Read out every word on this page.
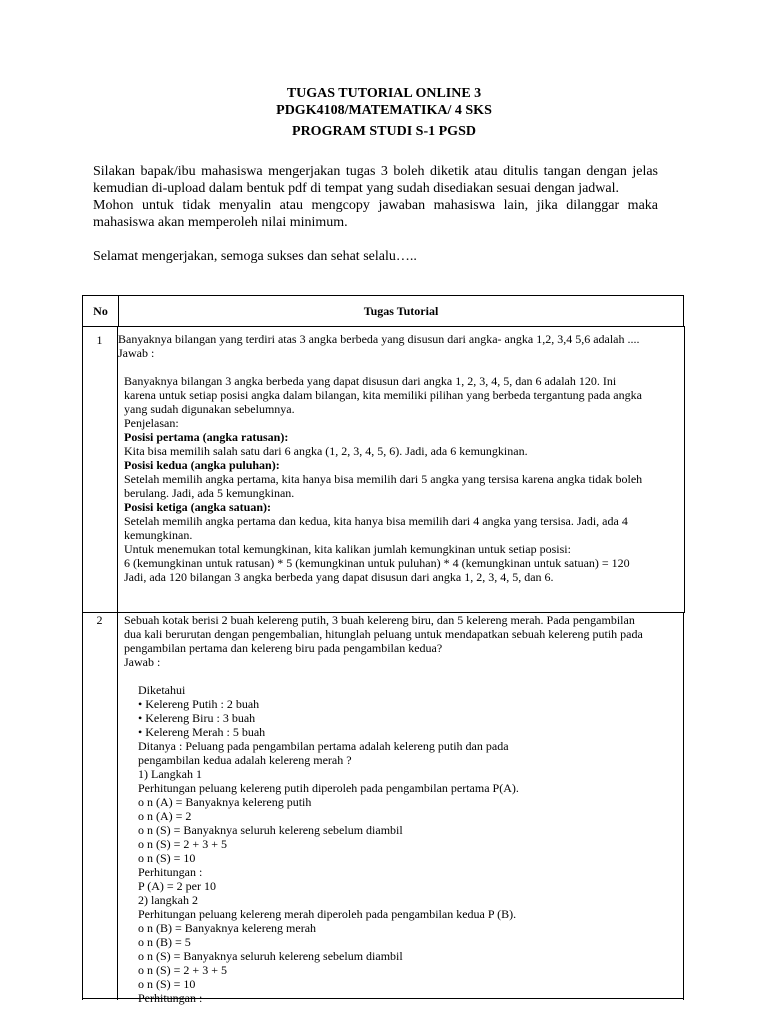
TUGAS TUTORIAL ONLINE 3
PDGK4108/MATEMATIKA/ 4 SKS
PROGRAM STUDI S-1 PGSD

Silakan bapak/ibu mahasiswa mengerjakan tugas 3 boleh diketik atau ditulis tangan dengan jelas kemudian di-upload dalam bentuk pdf di tempat yang sudah disediakan sesuai dengan jadwal.

Mohon untuk tidak menyalin atau mengcopy jawaban mahasiswa lain, jika dilanggar maka mahasiswa akan memperoleh nilai minimum.

Selamat mengerjakan, semoga sukses dan sehat selalu…..

No	Tugas Tutorial
1	Banyaknya bilangan yang terdiri atas 3 angka berbeda yang disusun dari angka- angka 1,2, 3,4 5,6 adalah ....
Jawab :
Banyaknya bilangan 3 angka berbeda yang dapat disusun dari angka 1, 2, 3, 4, 5, dan 6 adalah 120. Ini
karena untuk setiap posisi angka dalam bilangan, kita memiliki pilihan yang berbeda tergantung pada angka
yang sudah digunakan sebelumnya.
Penjelasan:
Posisi pertama (angka ratusan):
Kita bisa memilih salah satu dari 6 angka (1, 2, 3, 4, 5, 6). Jadi, ada 6 kemungkinan.
Posisi kedua (angka puluhan):
Setelah memilih angka pertama, kita hanya bisa memilih dari 5 angka yang tersisa karena angka tidak boleh
berulang. Jadi, ada 5 kemungkinan.
Posisi ketiga (angka satuan):
Setelah memilih angka pertama dan kedua, kita hanya bisa memilih dari 4 angka yang tersisa. Jadi, ada 4
kemungkinan.
Untuk menemukan total kemungkinan, kita kalikan jumlah kemungkinan untuk setiap posisi:
6 (kemungkinan untuk ratusan) * 5 (kemungkinan untuk puluhan) * 4 (kemungkinan untuk satuan) = 120
Jadi, ada 120 bilangan 3 angka berbeda yang dapat disusun dari angka 1, 2, 3, 4, 5, dan 6.
2	Sebuah kotak berisi 2 buah kelereng putih, 3 buah kelereng biru, dan 5 kelereng merah. Pada pengambilan
dua kali berurutan dengan pengembalian, hitunglah peluang untuk mendapatkan sebuah kelereng putih pada
pengambilan pertama dan kelereng biru pada pengambilan kedua?
Jawab :
Diketahui
• Kelereng Putih : 2 buah
• Kelereng Biru : 3 buah
• Kelereng Merah : 5 buah
Ditanya : Peluang pada pengambilan pertama adalah kelereng putih dan pada
pengambilan kedua adalah kelereng merah ?
1) Langkah 1
Perhitungan peluang kelereng putih diperoleh pada pengambilan pertama P(A).
o n (A) = Banyaknya kelereng putih
o n (A) = 2
o n (S) = Banyaknya seluruh kelereng sebelum diambil
o n (S) = 2 + 3 + 5
o n (S) = 10
Perhitungan :
P (A) = 2 per 10
2) langkah 2
Perhitungan peluang kelereng merah diperoleh pada pengambilan kedua P (B).
o n (B) = Banyaknya kelereng merah
o n (B) = 5
o n (S) = Banyaknya seluruh kelereng sebelum diambil
o n (S) = 2 + 3 + 5
o n (S) = 10
Perhitungan :
